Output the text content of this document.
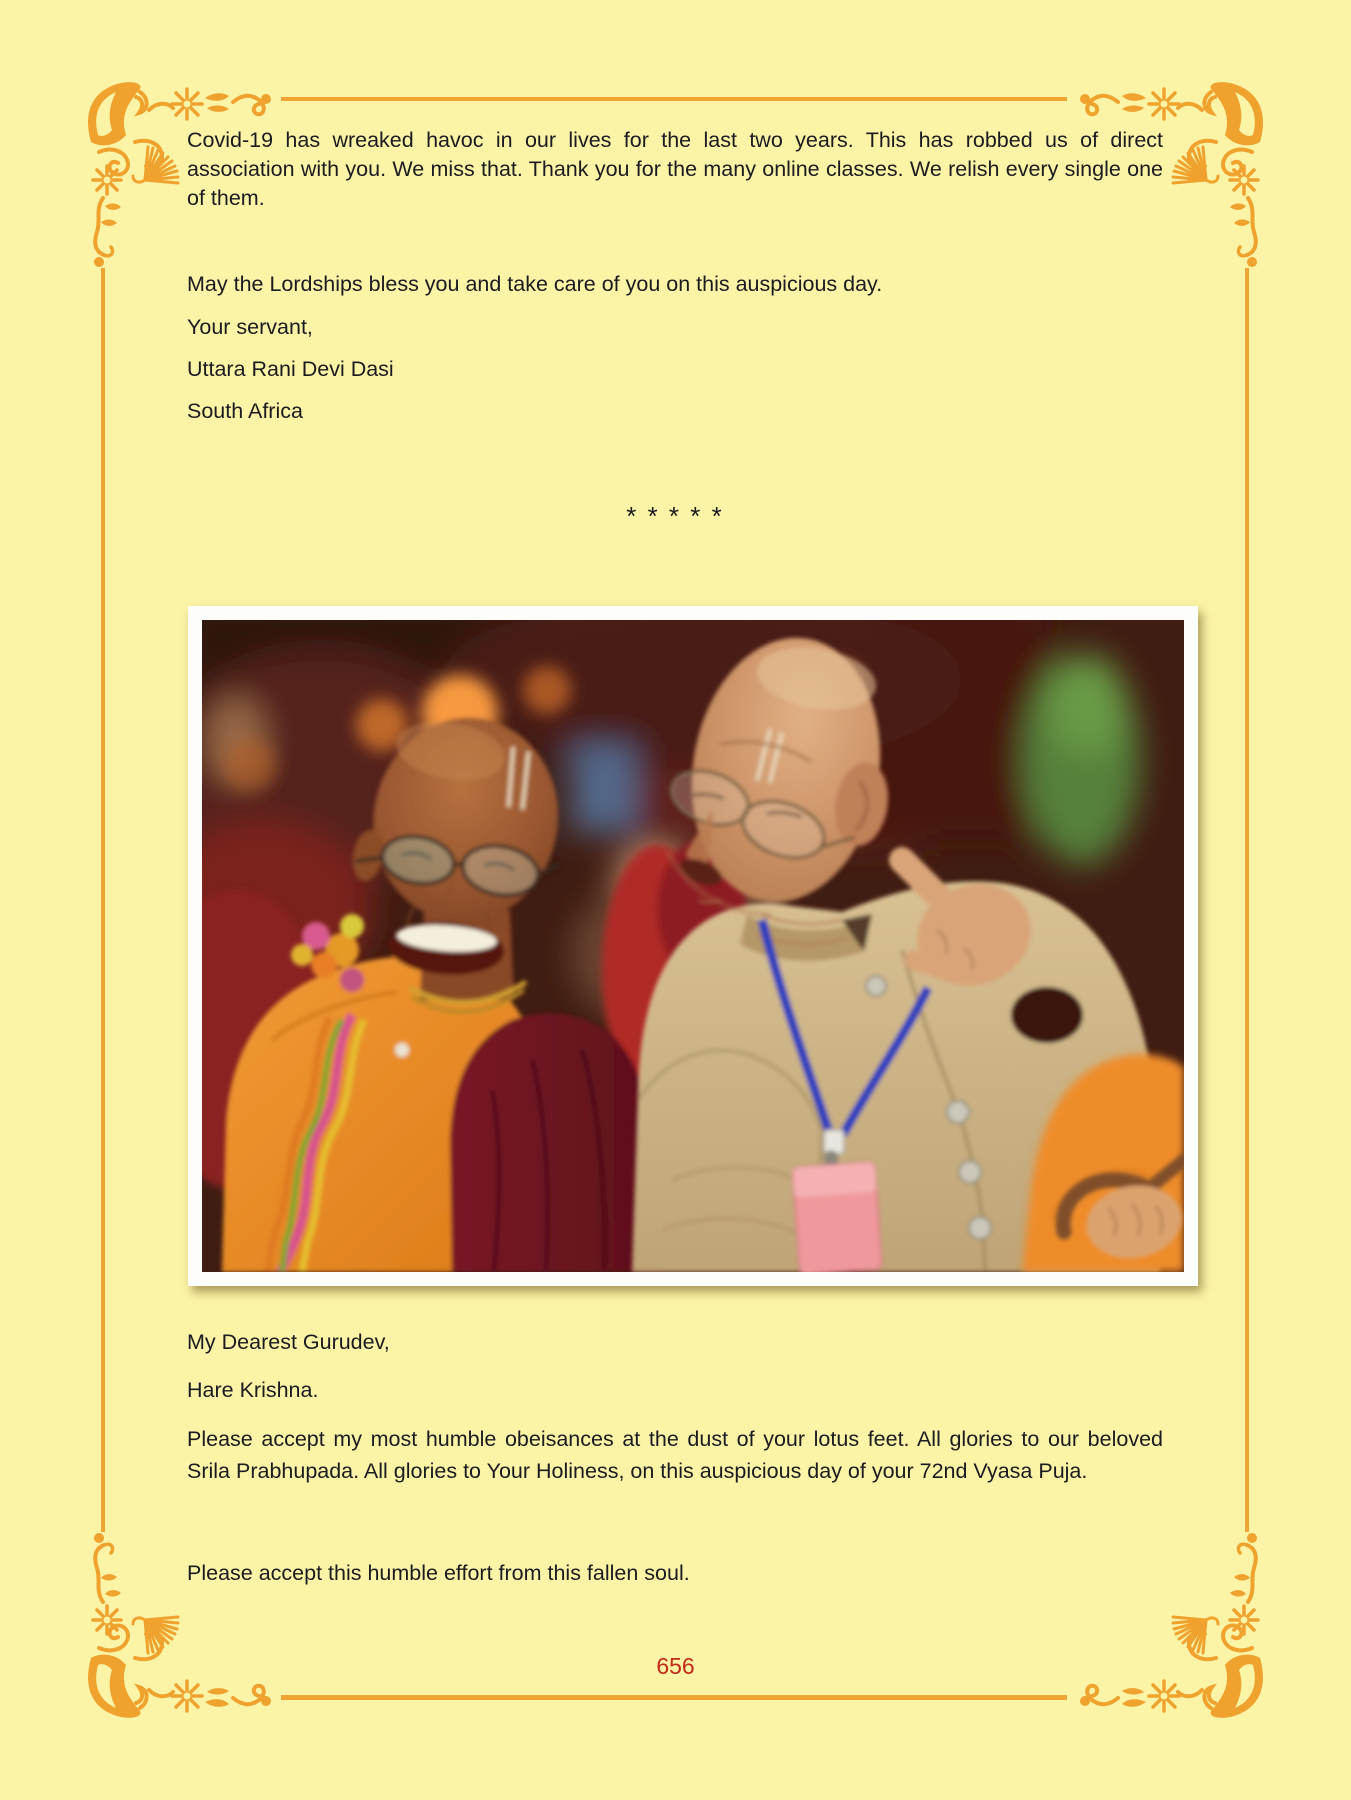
Covid-19 has wreaked havoc in our lives for the last two years. This has robbed us of direct association with you. We miss that. Thank you for the many online classes. We relish every single one of them.

May the Lordships bless you and take care of you on this auspicious day.

Your servant,

Uttara Rani Devi Dasi

South Africa

* * * * *

My Dearest Gurudev,

Hare Krishna.

Please accept my most humble obeisances at the dust of your lotus feet. All glories to our beloved Srila Prabhupada. All glories to Your Holiness, on this auspicious day of your 72nd Vyasa Puja.

Please accept this humble effort from this fallen soul.

656
